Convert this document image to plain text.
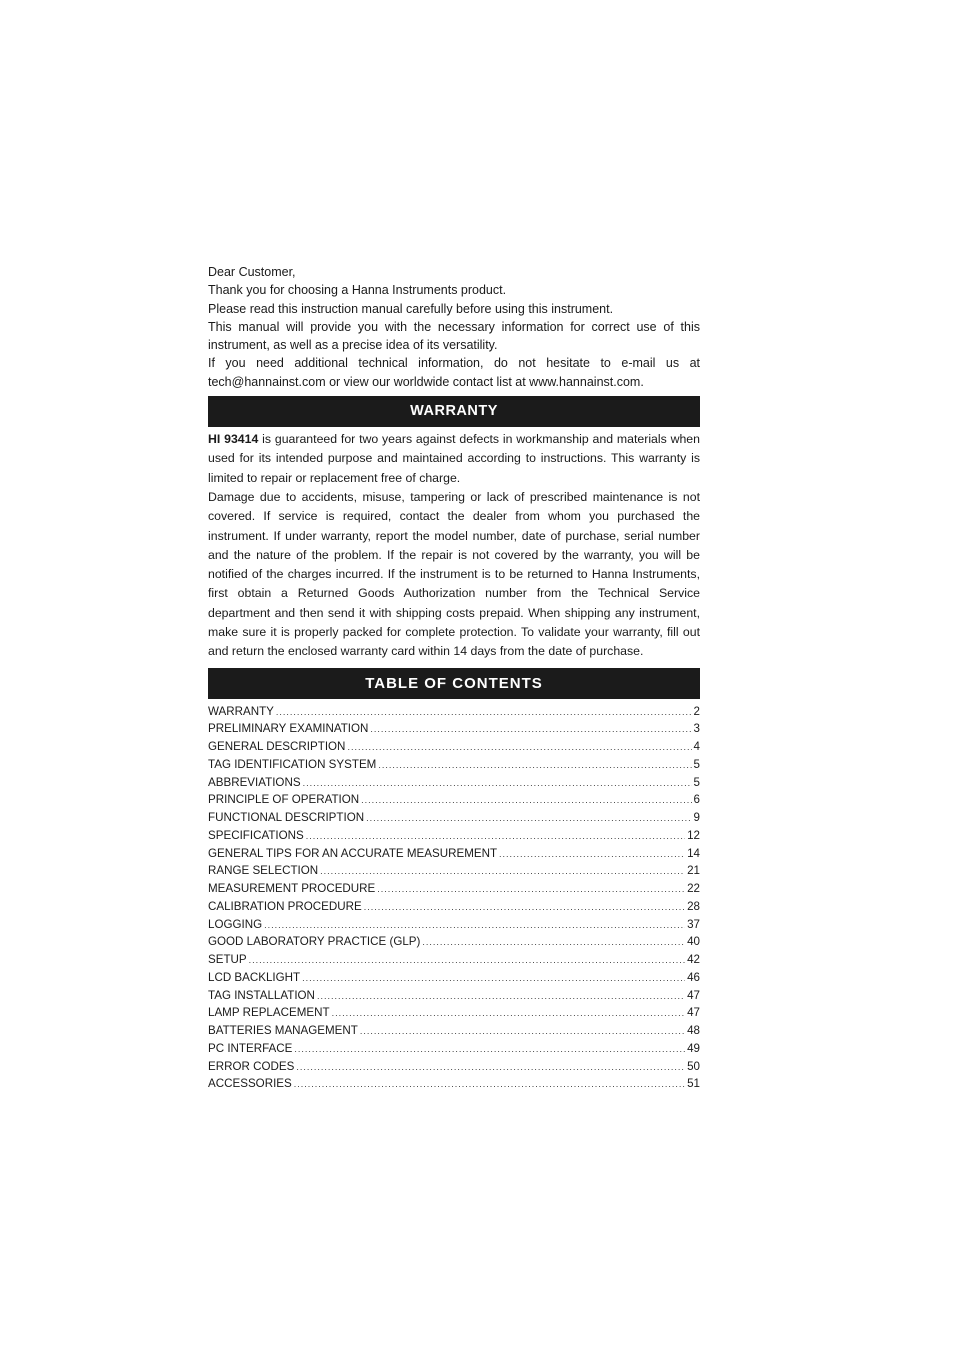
Dear Customer,

Thank you for choosing a Hanna Instruments product.

Please read this instruction manual carefully before using this instrument.

This manual will provide you with the necessary information for correct use of this instrument, as well as a precise idea of its versatility.

If you need additional technical information, do not hesitate to e-mail us at tech@hannainst.com or view our worldwide contact list at www.hannainst.com.

WARRANTY

HI 93414 is guaranteed for two years against defects in workmanship and materials when used for its intended purpose and maintained according to instructions. This warranty is limited to repair or replacement free of charge.

Damage due to accidents, misuse, tampering or lack of prescribed maintenance is not covered. If service is required, contact the dealer from whom you purchased the instrument. If under warranty, report the model number, date of purchase, serial number and the nature of the problem. If the repair is not covered by the warranty, you will be notified of the charges incurred. If the instrument is to be returned to Hanna Instruments, first obtain a Returned Goods Authorization number from the Technical Service department and then send it with shipping costs prepaid. When shipping any instrument, make sure it is properly packed for complete protection. To validate your warranty, fill out and return the enclosed warranty card within 14 days from the date of purchase.

TABLE OF CONTENTS
WARRANTY .....	2
PRELIMINARY EXAMINATION .....	3
GENERAL DESCRIPTION .....	4
TAG IDENTIFICATION SYSTEM .....	5
ABBREVIATIONS .....	5
PRINCIPLE OF OPERATION .....	6
FUNCTIONAL DESCRIPTION .....	9
SPECIFICATIONS .....	12
GENERAL TIPS FOR AN ACCURATE MEASUREMENT .....	14
RANGE SELECTION .....	21
MEASUREMENT PROCEDURE .....	22
CALIBRATION PROCEDURE .....	28
LOGGING .....	37
GOOD LABORATORY PRACTICE (GLP) .....	40
SETUP .....	42
LCD BACKLIGHT .....	46
TAG INSTALLATION .....	47
LAMP REPLACEMENT .....	47
BATTERIES MANAGEMENT .....	48
PC INTERFACE .....	49
ERROR CODES .....	50
ACCESSORIES .....	51
